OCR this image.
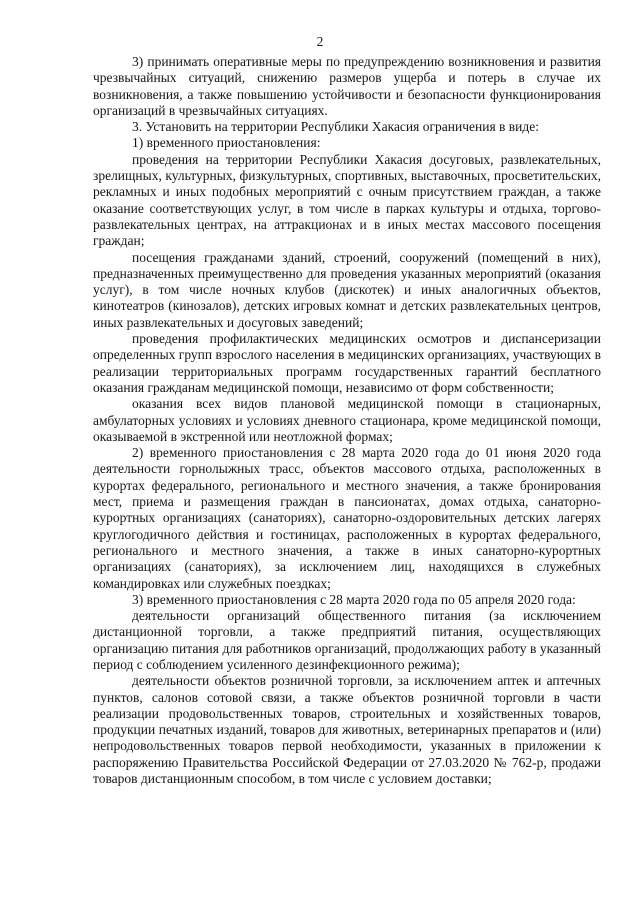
2

3) принимать оперативные меры по предупреждению возникновения и развития чрезвычайных ситуаций, снижению размеров ущерба и потерь в случае их возникновения, а также повышению устойчивости и безопасности функционирования организаций в чрезвычайных ситуациях.

3. Установить на территории Республики Хакасия ограничения в виде:

1) временного приостановления:

проведения на территории Республики Хакасия досуговых, развлекательных, зрелищных, культурных, физкультурных, спортивных, выставочных, просветительских, рекламных и иных подобных мероприятий с очным присутствием граждан, а также оказание соответствующих услуг, в том числе в парках культуры и отдыха, торгово-развлекательных центрах, на аттракционах и в иных местах массового посещения граждан;

посещения гражданами зданий, строений, сооружений (помещений в них), предназначенных преимущественно для проведения указанных мероприятий (оказания услуг), в том числе ночных клубов (дискотек) и иных аналогичных объектов, кинотеатров (кинозалов), детских игровых комнат и детских развлекательных центров, иных развлекательных и досуговых заведений;

проведения профилактических медицинских осмотров и диспансеризации определенных групп взрослого населения в медицинских организациях, участвующих в реализации территориальных программ государственных гарантий бесплатного оказания гражданам медицинской помощи, независимо от форм собственности;

оказания всех видов плановой медицинской помощи в стационарных, амбулаторных условиях и условиях дневного стационара, кроме медицинской помощи, оказываемой в экстренной или неотложной формах;

2) временного приостановления с 28 марта 2020 года до 01 июня 2020 года деятельности горнолыжных трасс, объектов массового отдыха, расположенных в курортах федерального, регионального и местного значения, а также бронирования мест, приема и размещения граждан в пансионатах, домах отдыха, санаторно-курортных организациях (санаториях), санаторно-оздоровительных детских лагерях круглогодичного действия и гостиницах, расположенных в курортах федерального, регионального и местного значения, а также в иных санаторно-курортных организациях (санаториях), за исключением лиц, находящихся в служебных командировках или служебных поездках;

3) временного приостановления с 28 марта 2020 года по 05 апреля 2020 года:

деятельности организаций общественного питания (за исключением дистанционной торговли, а также предприятий питания, осуществляющих организацию питания для работников организаций, продолжающих работу в указанный период с соблюдением усиленного дезинфекционного режима);

деятельности объектов розничной торговли, за исключением аптек и аптечных пунктов, салонов сотовой связи, а также объектов розничной торговли в части реализации продовольственных товаров, строительных и хозяйственных товаров, продукции печатных изданий, товаров для животных, ветеринарных препаратов и (или) непродовольственных товаров первой необходимости, указанных в приложении к распоряжению Правительства Российской Федерации от 27.03.2020 № 762-р, продажи товаров дистанционным способом, в том числе с условием доставки;
